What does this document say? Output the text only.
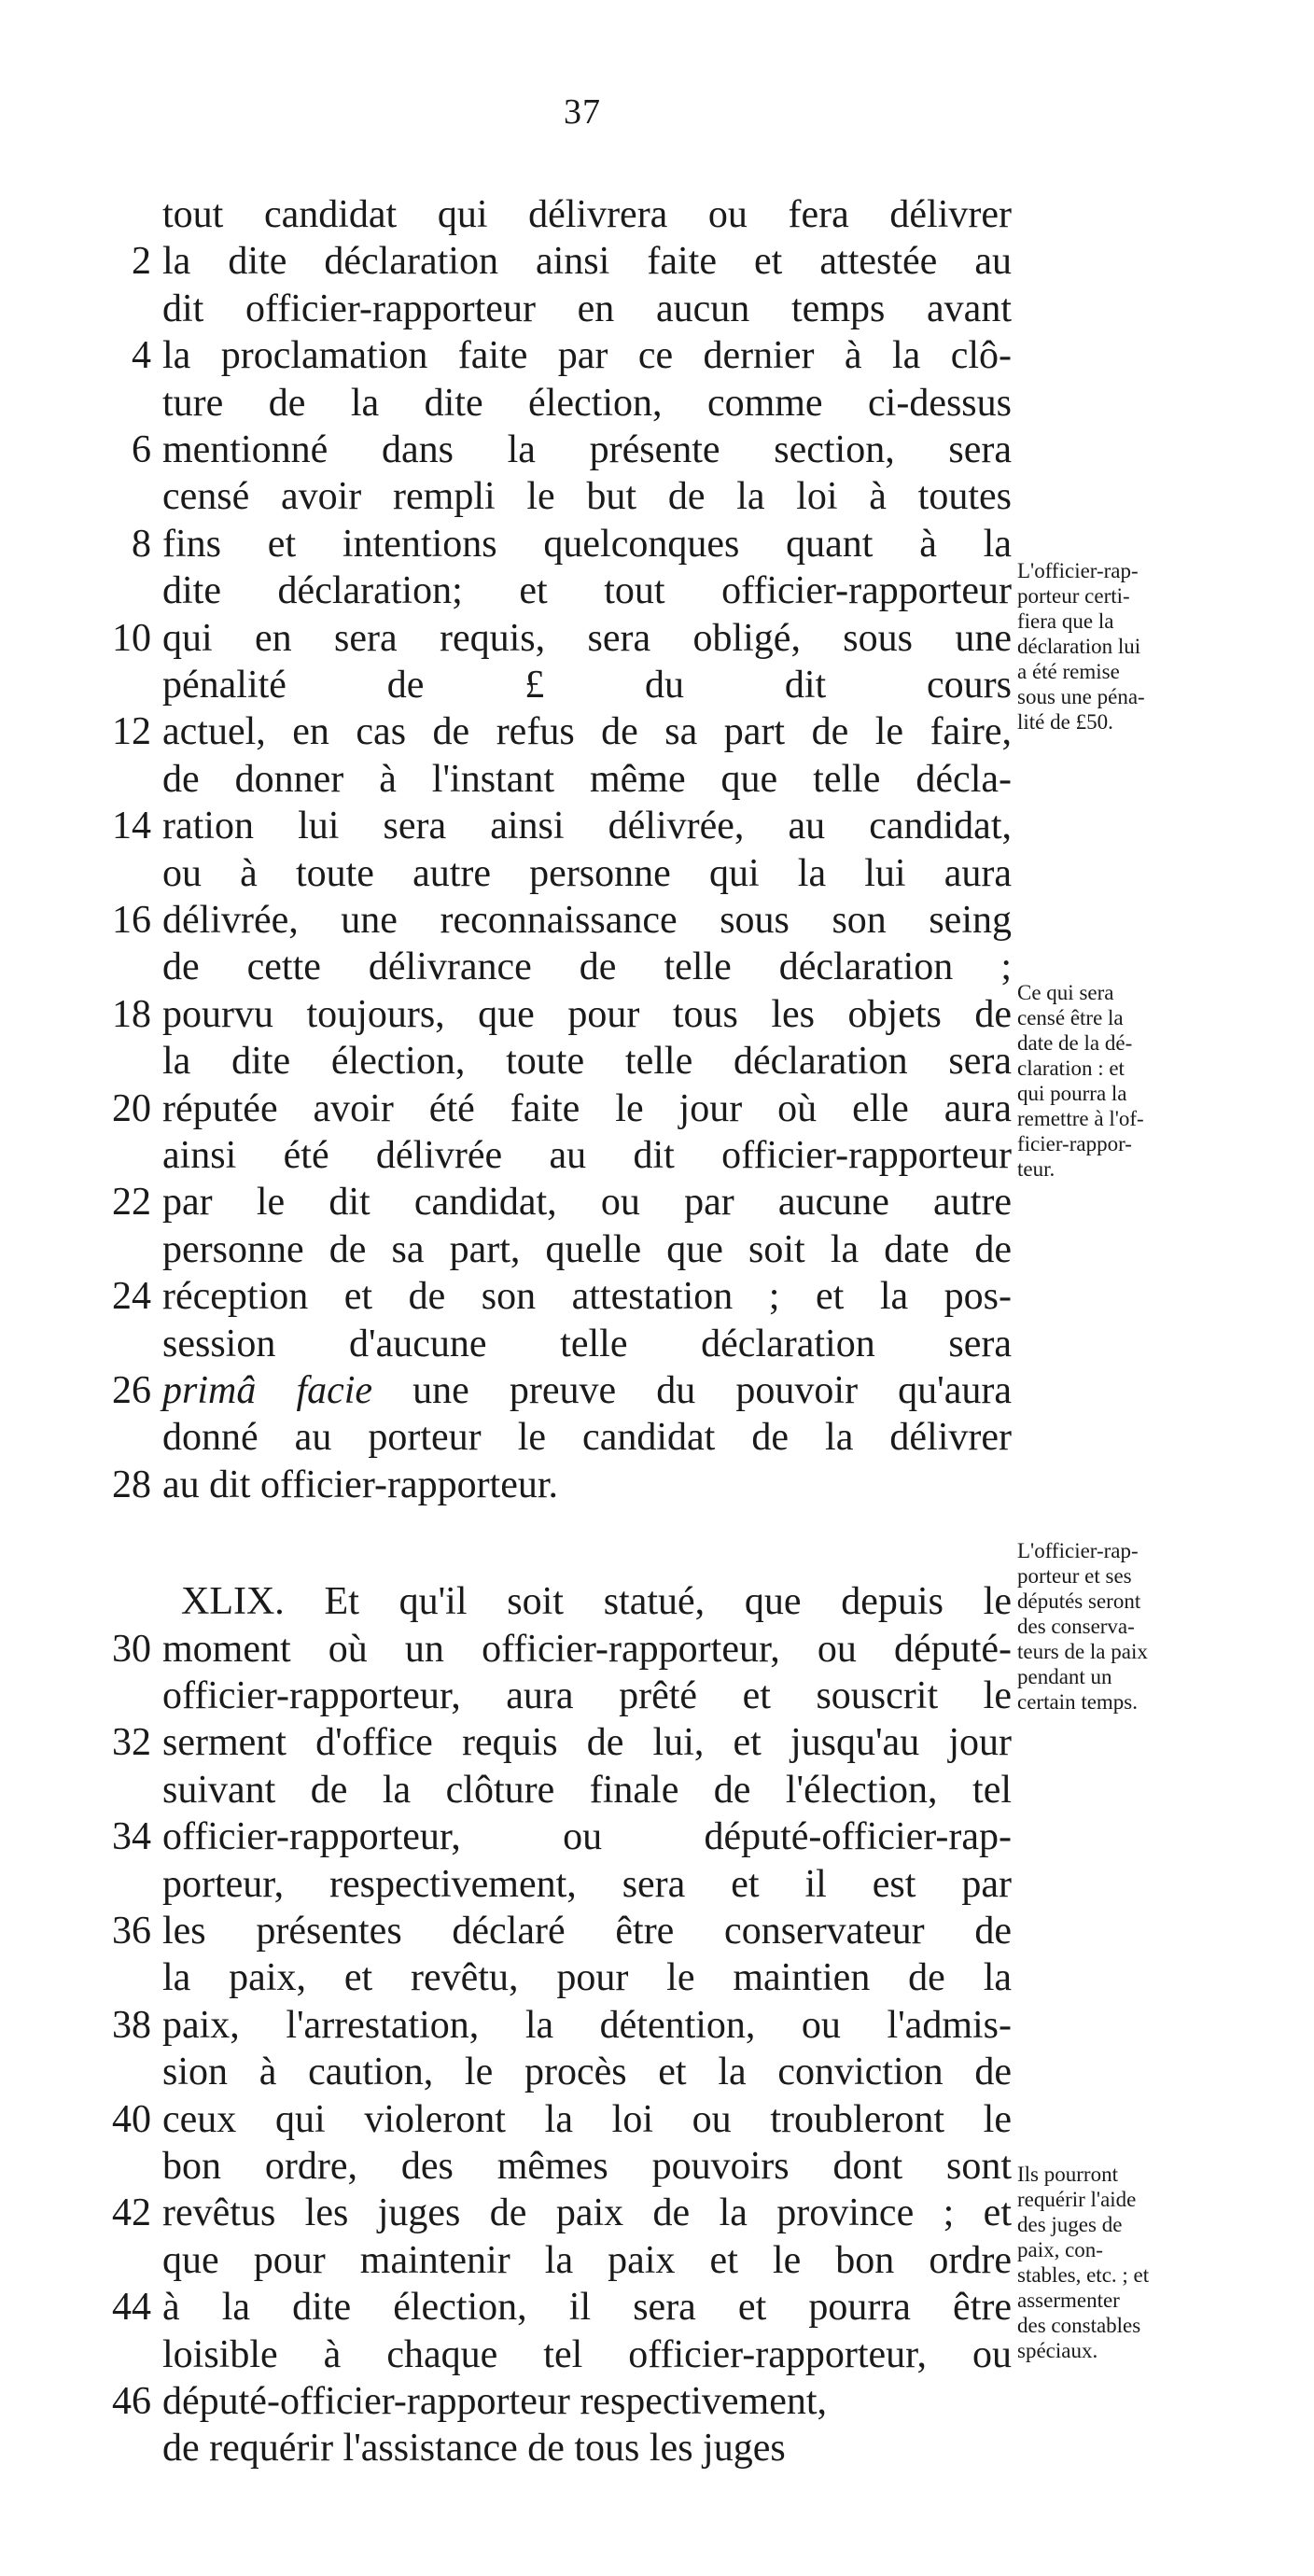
37
tout candidat qui délivrera ou fera délivrer
2 la dite déclaration ainsi faite et attestée au
dit officier-rapporteur en aucun temps avant
4 la proclamation faite par ce dernier à la clô-
ture de la dite élection, comme ci-dessus
6 mentionné dans la présente section, sera
censé avoir rempli le but de la loi à toutes
8 fins et intentions quelconques quant à la
dite déclaration; et tout officier-rapporteur
10 qui en sera requis, sera obligé, sous une
pénalité de £ du dit cours
12 actuel, en cas de refus de sa part de le faire,
de donner à l'instant même que telle décla-
14 ration lui sera ainsi délivrée, au candidat,
ou à toute autre personne qui la lui aura
16 délivrée, une reconnaissance sous son seing
de cette délivrance de telle déclaration ;
18 pourvu toujours, que pour tous les objets de
la dite élection, toute telle déclaration sera
20 réputée avoir été faite le jour où elle aura
ainsi été délivrée au dit officier-rapporteur
22 par le dit candidat, ou par aucune autre
personne de sa part, quelle que soit la date de
24 réception et de son attestation ; et la pos-
session d'aucune telle déclaration sera
26 primâ facie une preuve du pouvoir qu'aura
donné au porteur le candidat de la délivrer
28 au dit officier-rapporteur.
XLIX. Et qu'il soit statué, que depuis le
30 moment où un officier-rapporteur, ou député-
officier-rapporteur, aura prêté et souscrit le
32 serment d'office requis de lui, et jusqu'au jour
suivant de la clôture finale de l'élection, tel
34 officier-rapporteur, ou député-officier-rap-
porteur, respectivement, sera et il est par
36 les présentes déclaré être conservateur de
la paix, et revêtu, pour le maintien de la
38 paix, l'arrestation, la détention, ou l'admis-
sion à caution, le procès et la conviction de
40 ceux qui violeront la loi ou troubleront le
bon ordre, des mêmes pouvoirs dont sont
42 revêtus les juges de paix de la province ; et
que pour maintenir la paix et le bon ordre
44 à la dite élection, il sera et pourra être
loisible à chaque tel officier-rapporteur, ou
46 député-officier-rapporteur respectivement,
de requérir l'assistance de tous les juges
L'officier-rap-
porteur certi-
fiera que la
déclaration lui
a été remise
sous une péna-
lité de £50.
Ce qui sera
censé être la
date de la dé-
claration : et
qui pourra la
remettre à l'of-
ficier-rappor-
teur.
L'officier-rap-
porteur et ses
députés seront
des conserva-
teurs de la paix
pendant un
certain temps.
Ils pourront
requérir l'aide
des juges de
paix, con-
stables, etc. ; et
assermenter
des constables
spéciaux.
